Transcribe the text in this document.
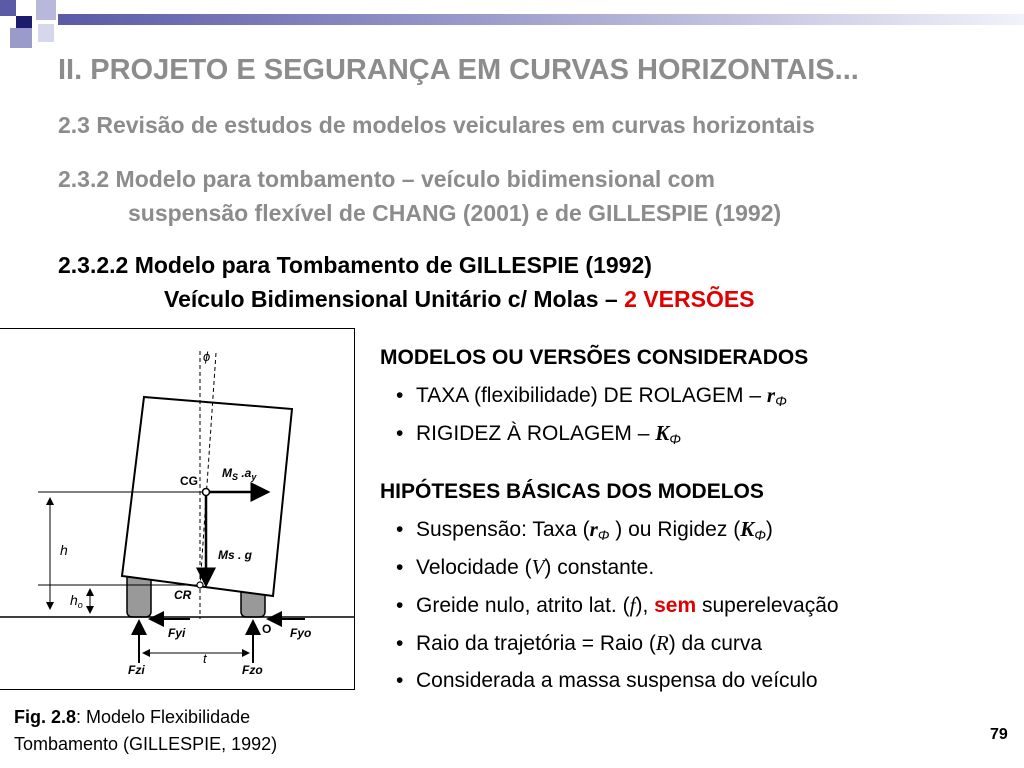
II. PROJETO E SEGURANÇA EM CURVAS HORIZONTAIS...
2.3 Revisão de estudos de modelos veiculares em curvas horizontais
2.3.2 Modelo para tombamento – veículo bidimensional com
suspensão flexível de CHANG (2001) e de GILLESPIE (1992)
2.3.2.2 Modelo para Tombamento de GILLESPIE (1992)
Veículo Bidimensional Unitário c/ Molas – 2 VERSÕES
ϕ
h
$h_o$
CG
$M_S$ $.a_y$
Ms . g
CR
O
Fyi	Fyo
Fzi	Fzo
t
Fig. 2.8: Modelo Flexibilidade
Tombamento (GILLESPIE, 1992)
MODELOS OU VERSÕES CONSIDERADOS
• TAXA (flexibilidade) DE ROLAGEM – $r_\Phi$
• RIGIDEZ À ROLAGEM – $K_\Phi$
HIPÓTESES BÁSICAS DOS MODELOS
• Suspensão: Taxa ($r_\Phi$ ) ou Rigidez $(K_\Phi)$
• Velocidade (V) constante.
• Greide nulo, atrito lat. (f), sem superelevação
• Raio da trajetória = Raio (R) da curva
• Considerada a massa suspensa do veículo
79
